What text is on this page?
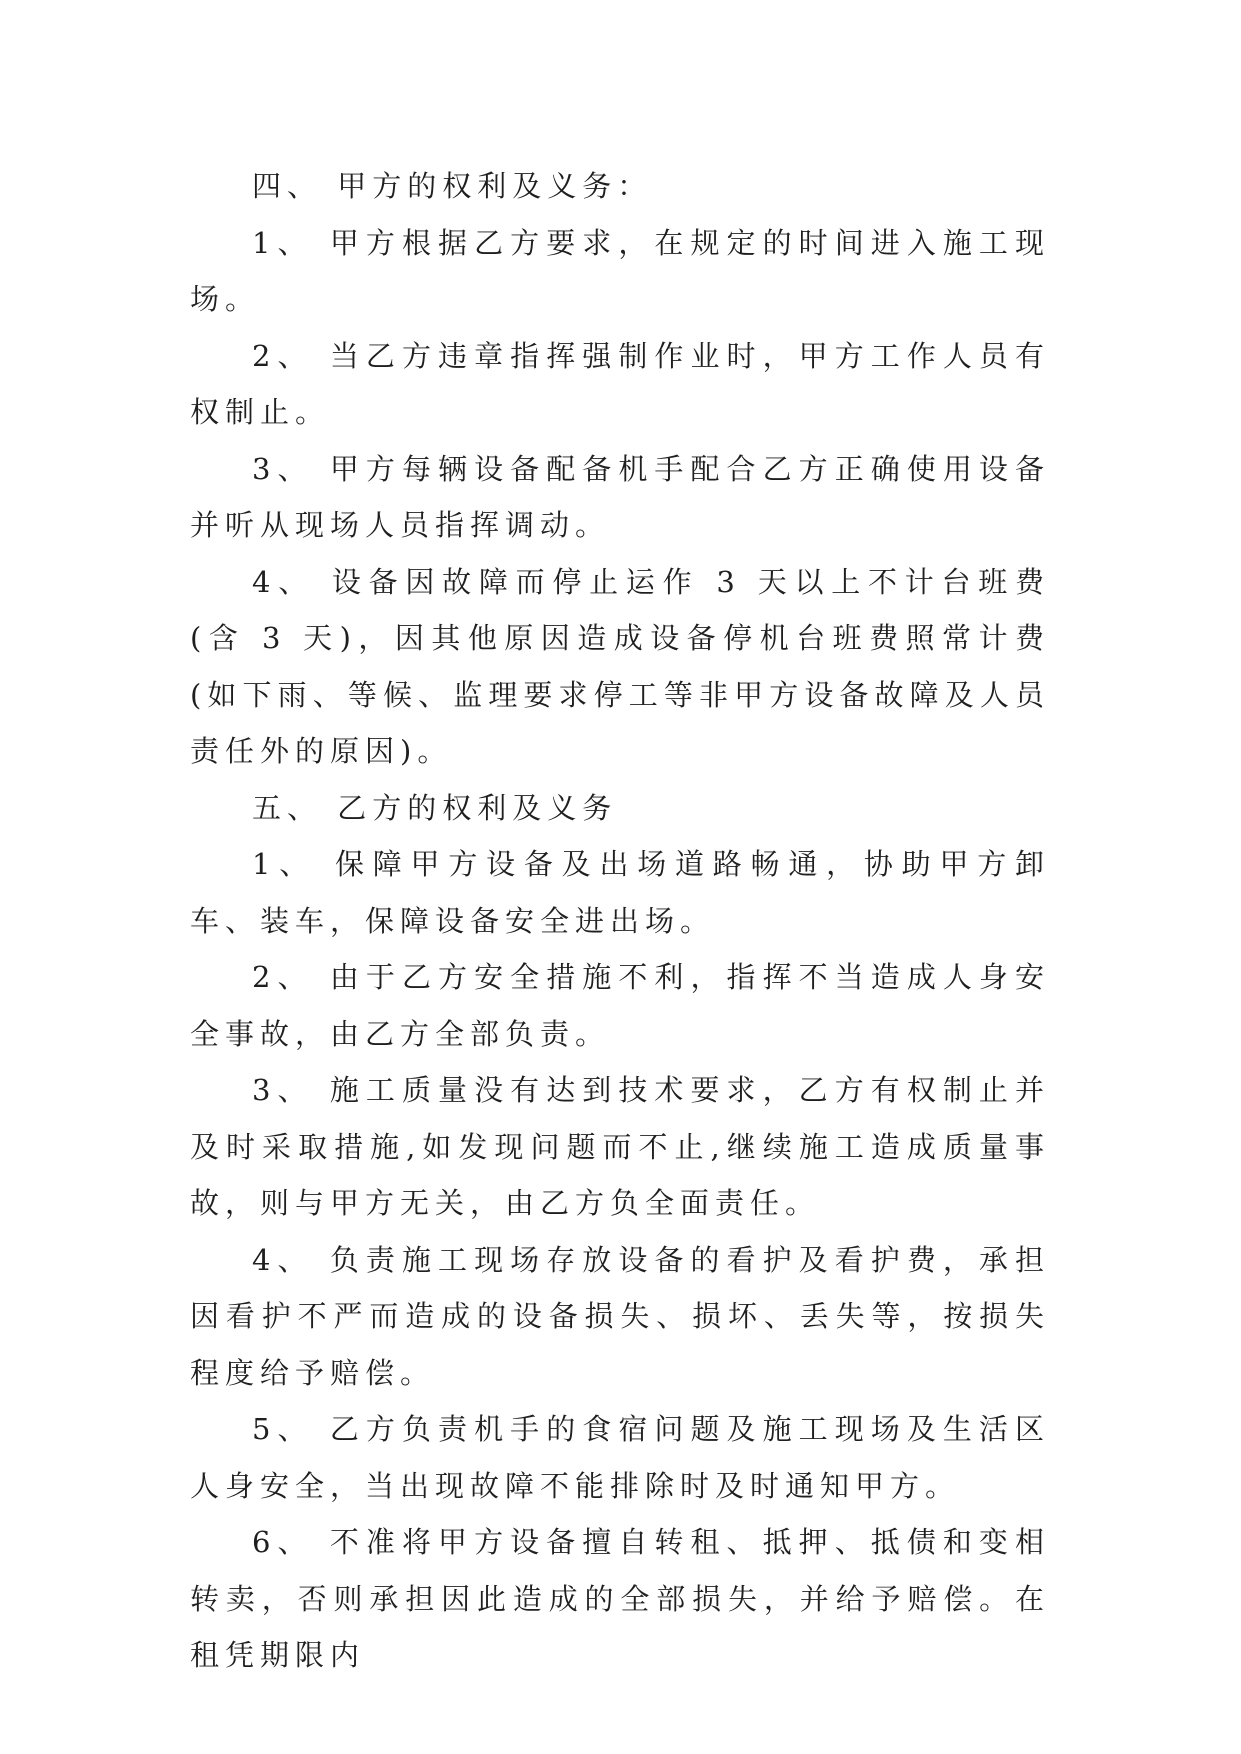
四、 甲方的权利及义务：

1、 甲方根据乙方要求，在规定的时间进入施工现场。

2、 当乙方违章指挥强制作业时，甲方工作人员有权制止。

3、 甲方每辆设备配备机手配合乙方正确使用设备并听从现场人员指挥调动。

4、 设备因故障而停止运作 3 天以上不计台班费(含 3 天)，因其他原因造成设备停机台班费照常计费(如下雨、等候、监理要求停工等非甲方设备故障及人员责任外的原因)。

五、 乙方的权利及义务

1、 保障甲方设备及出场道路畅通，协助甲方卸车、装车，保障设备安全进出场。

2、 由于乙方安全措施不利，指挥不当造成人身安全事故，由乙方全部负责。

3、 施工质量没有达到技术要求，乙方有权制止并及时采取措施,如发现问题而不止,继续施工造成质量事故，则与甲方无关，由乙方负全面责任。

4、 负责施工现场存放设备的看护及看护费，承担因看护不严而造成的设备损失、损坏、丢失等，按损失程度给予赔偿。

5、 乙方负责机手的食宿问题及施工现场及生活区人身安全，当出现故障不能排除时及时通知甲方。

6、 不准将甲方设备擅自转租、抵押、抵债和变相转卖，否则承担因此造成的全部损失，并给予赔偿。在租凭期限内
